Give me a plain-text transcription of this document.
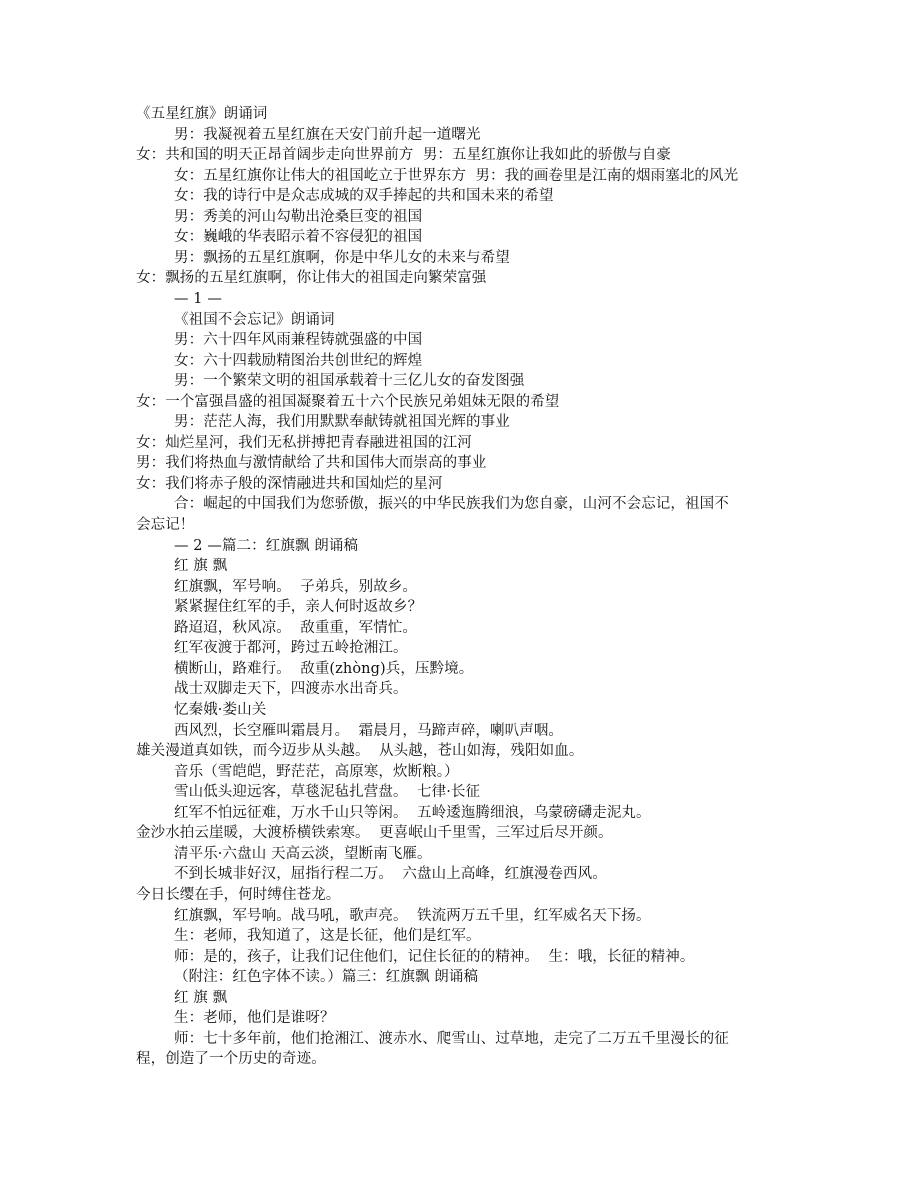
《五星红旗》朗诵词
男：我凝视着五星红旗在天安门前升起一道曙光
女：共和国的明天正昂首阔步走向世界前方  男：五星红旗你让我如此的骄傲与自豪
女：五星红旗你让伟大的祖国屹立于世界东方  男：我的画卷里是江南的烟雨塞北的风光
女：我的诗行中是众志成城的双手捧起的共和国未来的希望
男：秀美的河山勾勒出沧桑巨变的祖国
女：巍峨的华表昭示着不容侵犯的祖国
男：飘扬的五星红旗啊，你是中华儿女的未来与希望
女：飘扬的五星红旗啊，你让伟大的祖国走向繁荣富强
— 1 —
《祖国不会忘记》朗诵词
男：六十四年风雨兼程铸就强盛的中国
女：六十四载励精图治共创世纪的辉煌
男：一个繁荣文明的祖国承载着十三亿儿女的奋发图强
女：一个富强昌盛的祖国凝聚着五十六个民族兄弟姐妹无限的希望
男：茫茫人海，我们用默默奉献铸就祖国光辉的事业
女：灿烂星河，我们无私拼搏把青春融进祖国的江河
男：我们将热血与激情献给了共和国伟大而崇高的事业
女：我们将赤子般的深情融进共和国灿烂的星河
合：崛起的中国我们为您骄傲，振兴的中华民族我们为您自豪，山河不会忘记，祖国不
会忘记！
— 2 —篇二：红旗飘 朗诵稿
红 旗 飘
红旗飘，军号响。  子弟兵，别故乡。
紧紧握住红军的手，亲人何时返故乡？
路迢迢，秋风凉。  敌重重，军情忙。
红军夜渡于都河，跨过五岭抢湘江。
横断山，路难行。  敌重(zhòng)兵，压黔境。
战士双脚走天下，四渡赤水出奇兵。
忆秦娥·娄山关
西风烈，长空雁叫霜晨月。  霜晨月，马蹄声碎，喇叭声咽。
雄关漫道真如铁，而今迈步从头越。  从头越，苍山如海，残阳如血。
音乐（雪皑皑，野茫茫，高原寒，炊断粮。）
雪山低头迎远客，草毯泥毡扎营盘。  七律·长征
红军不怕远征难，万水千山只等闲。  五岭逶迤腾细浪，乌蒙磅礴走泥丸。
金沙水拍云崖暖，大渡桥横铁索寒。  更喜岷山千里雪，三军过后尽开颜。
清平乐·六盘山 天高云淡，望断南飞雁。
不到长城非好汉，屈指行程二万。  六盘山上高峰，红旗漫卷西风。
今日长缨在手，何时缚住苍龙。
红旗飘，军号响。战马吼，歌声亮。  铁流两万五千里，红军威名天下扬。
生：老师，我知道了，这是长征，他们是红军。
师：是的，孩子，让我们记住他们，记住长征的的精神。  生：哦，长征的精神。
（附注：红色字体不读。）篇三：红旗飘 朗诵稿
红 旗 飘
生：老师，他们是谁呀？
师：七十多年前，他们抢湘江、渡赤水、爬雪山、过草地，走完了二万五千里漫长的征
程，创造了一个历史的奇迹。
